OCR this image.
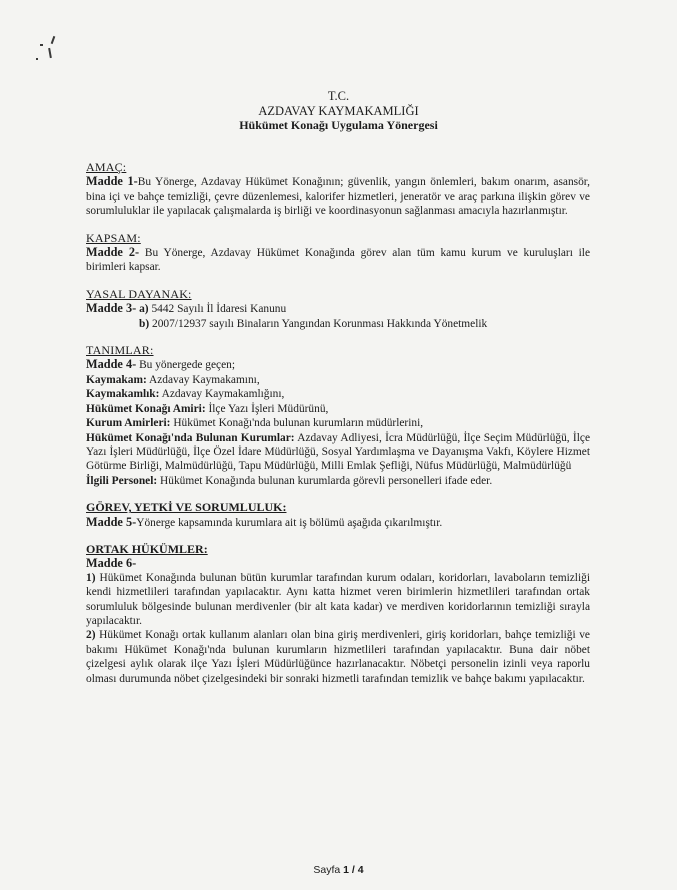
T.C.
AZDAVAY KAYMAKAMLIĞI
Hükümet Konağı Uygulama Yönergesi
AMAÇ:

Madde 1-Bu Yönerge, Azdavay Hükümet Konağının; güvenlik, yangın önlemleri, bakım onarım, asansör, bina içi ve bahçe temizliği, çevre düzenlemesi, kalorifer hizmetleri, jeneratör ve araç parkına ilişkin görev ve sorumluluklar ile yapılacak çalışmalarda iş birliği ve koordinasyonun sağlanması amacıyla hazırlanmıştır.

KAPSAM:

Madde 2- Bu Yönerge, Azdavay Hükümet Konağında görev alan tüm kamu kurum ve kuruluşları ile birimleri kapsar.

YASAL DAYANAK:

Madde 3- a) 5442 Sayılı İl İdaresi Kanunu

b) 2007/12937 sayılı Binaların Yangından Korunması Hakkında Yönetmelik

TANIMLAR:

Madde 4- Bu yönergede geçen;

Kaymakam: Azdavay Kaymakamını,

Kaymakamlık: Azdavay Kaymakamlığını,

Hükümet Konağı Amiri: İlçe Yazı İşleri Müdürünü,

Kurum Amirleri: Hükümet Konağı'nda bulunan kurumların müdürlerini,

Hükümet Konağı'nda Bulunan Kurumlar: Azdavay Adliyesi, İcra Müdürlüğü, İlçe Seçim Müdürlüğü, İlçe Yazı İşleri Müdürlüğü, İlçe Özel İdare Müdürlüğü, Sosyal Yardımlaşma ve Dayanışma Vakfı, Köylere Hizmet Götürme Birliği, Malmüdürlüğü, Tapu Müdürlüğü, Milli Emlak Şefliği, Nüfus Müdürlüğü, Malmüdürlüğü

İlgili Personel: Hükümet Konağında bulunan kurumlarda görevli personelleri ifade eder.

GÖREV, YETKİ VE SORUMLULUK:

Madde 5-Yönerge kapsamında kurumlara ait iş bölümü aşağıda çıkarılmıştır.

ORTAK HÜKÜMLER:
Madde 6-

1) Hükümet Konağında bulunan bütün kurumlar tarafından kurum odaları, koridorları, lavaboların temizliği kendi hizmetlileri tarafından yapılacaktır. Aynı katta hizmet veren birimlerin hizmetlileri tarafından ortak sorumluluk bölgesinde bulunan merdivenler (bir alt kata kadar) ve merdiven koridorlarının temizliği sırayla yapılacaktır.

2) Hükümet Konağı ortak kullanım alanları olan bina giriş merdivenleri, giriş koridorları, bahçe temizliği ve bakımı Hükümet Konağı'nda bulunan kurumların hizmetlileri tarafından yapılacaktır. Buna dair nöbet çizelgesi aylık olarak ilçe Yazı İşleri Müdürlüğünce hazırlanacaktır. Nöbetçi personelin izinli veya raporlu olması durumunda nöbet çizelgesindeki bir sonraki hizmetli tarafından temizlik ve bahçe bakımı yapılacaktır.

Sayfa 1 / 4
